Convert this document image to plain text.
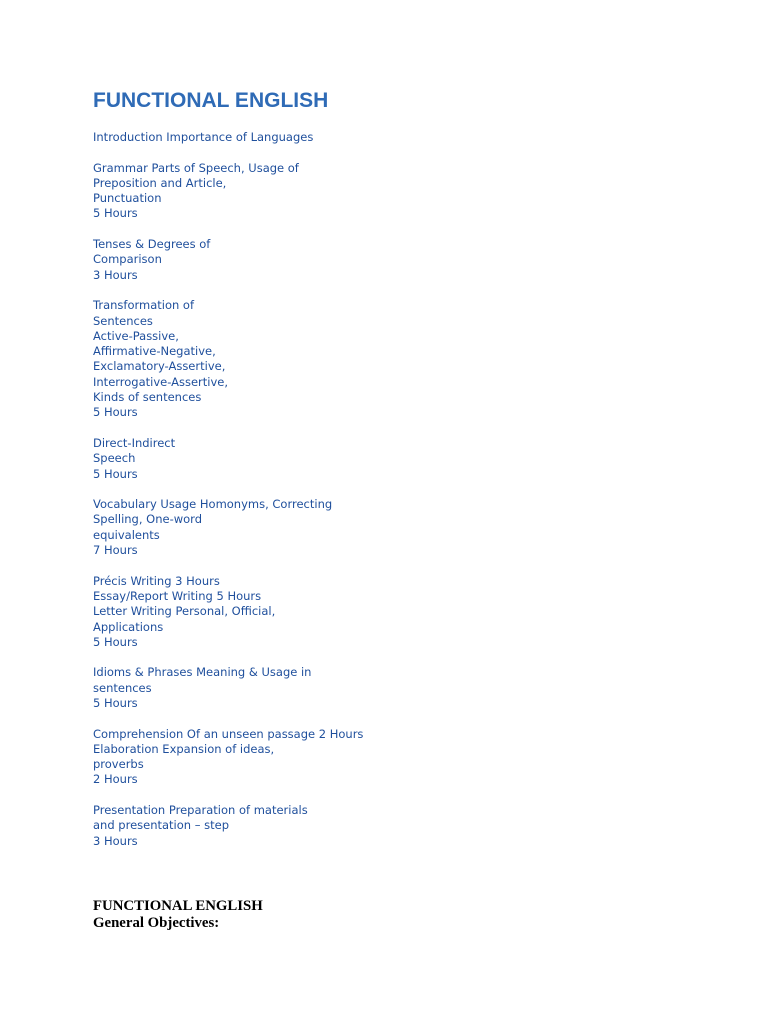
FUNCTIONAL ENGLISH
Introduction Importance of Languages
Grammar Parts of Speech, Usage of
Preposition and Article,
Punctuation
5 Hours
Tenses & Degrees of
Comparison
3 Hours
Transformation of
Sentences
Active-Passive,
Affirmative-Negative,
Exclamatory-Assertive,
Interrogative-Assertive,
Kinds of sentences
5 Hours
Direct-Indirect
Speech
5 Hours
Vocabulary Usage Homonyms, Correcting
Spelling, One-word
equivalents
7 Hours
Précis Writing 3 Hours
Essay/Report Writing 5 Hours
Letter Writing Personal, Official,
Applications
5 Hours
Idioms & Phrases Meaning & Usage in
sentences
5 Hours
Comprehension Of an unseen passage 2 Hours
Elaboration Expansion of ideas,
proverbs
2 Hours
Presentation Preparation of materials
and presentation – step
3 Hours
FUNCTIONAL ENGLISH
General Objectives:
